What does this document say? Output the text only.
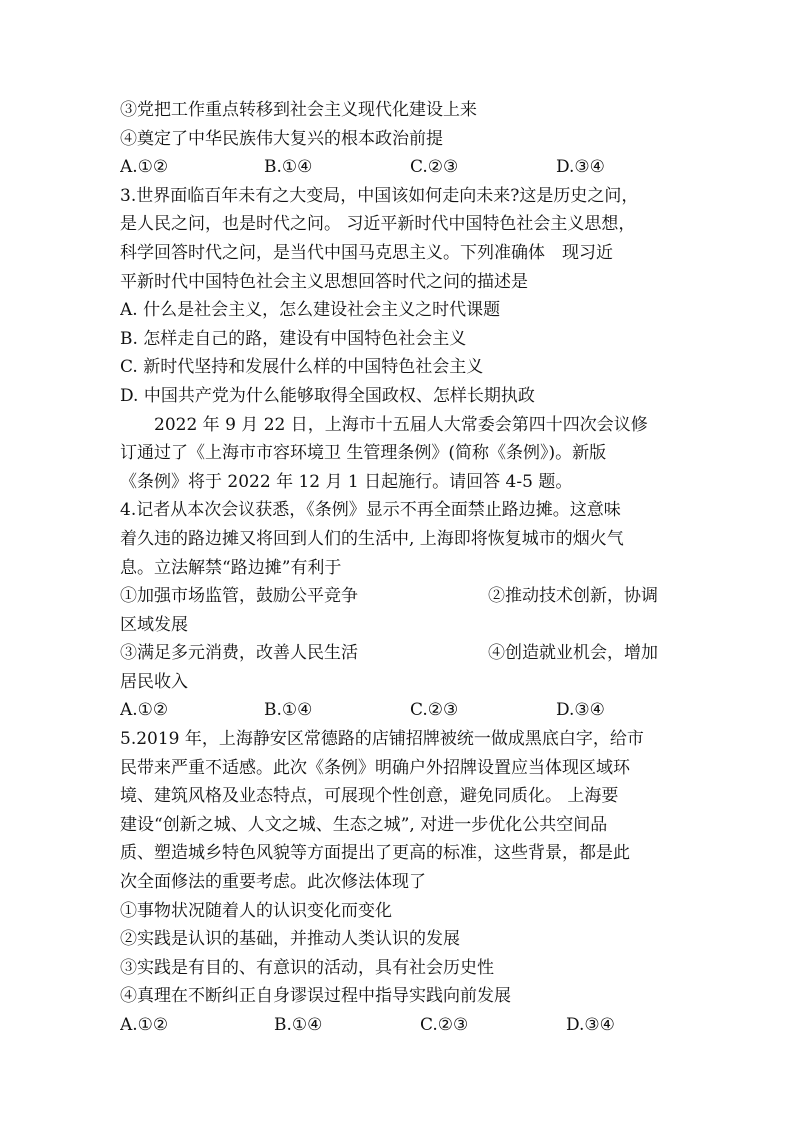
③党把工作重点转移到社会主义现代化建设上来
④奠定了中华民族伟大复兴的根本政治前提
A.①②	B.①④	C.②③	D.③④
3.世界面临百年未有之大变局，中国该如何走向未来?这是历史之问，
是人民之问，也是时代之问。 习近平新时代中国特色社会主义思想，
科学回答时代之问，是当代中国马克思主义。下列准确体　现习近
平新时代中国特色社会主义思想回答时代之问的描述是
A. 什么是社会主义，怎么建设社会主义之时代课题
B. 怎样走自己的路，建设有中国特色社会主义
C. 新时代坚持和发展什么样的中国特色社会主义
D. 中国共产党为什么能够取得全国政权、怎样长期执政
2022 年 9 月 22 日，上海市十五届人大常委会第四十四次会议修
订通过了《上海市市容环境卫 生管理条例》(简称《条例》)。新版
《条例》将于 2022 年 12 月 1 日起施行。请回答 4-5 题。
4.记者从本次会议获悉，《条例》显示不再全面禁止路边摊。这意味
着久违的路边摊又将回到人们的生活中, 上海即将恢复城市的烟火气
息。立法解禁“路边摊”有利于
①加强市场监管，鼓励公平竞争	②推动技术创新，协调
区域发展
③满足多元消费，改善人民生活	④创造就业机会，增加
居民收入
A.①②	B.①④	C.②③	D.③④
5.2019 年，上海静安区常德路的店铺招牌被统一做成黑底白字，给市
民带来严重不适感。此次《条例》明确户外招牌设置应当体现区域环
境、建筑风格及业态特点，可展现个性创意，避免同质化。 上海要
建设“创新之城、人文之城、生态之城”, 对进一步优化公共空间品
质、塑造城乡特色风貌等方面提出了更高的标准，这些背景，都是此
次全面修法的重要考虑。此次修法体现了
①事物状况随着人的认识变化而变化
②实践是认识的基础，并推动人类认识的发展
③实践是有目的、有意识的活动，具有社会历史性
④真理在不断纠正自身谬误过程中指导实践向前发展
A.①②	B.①④	C.②③	D.③④
